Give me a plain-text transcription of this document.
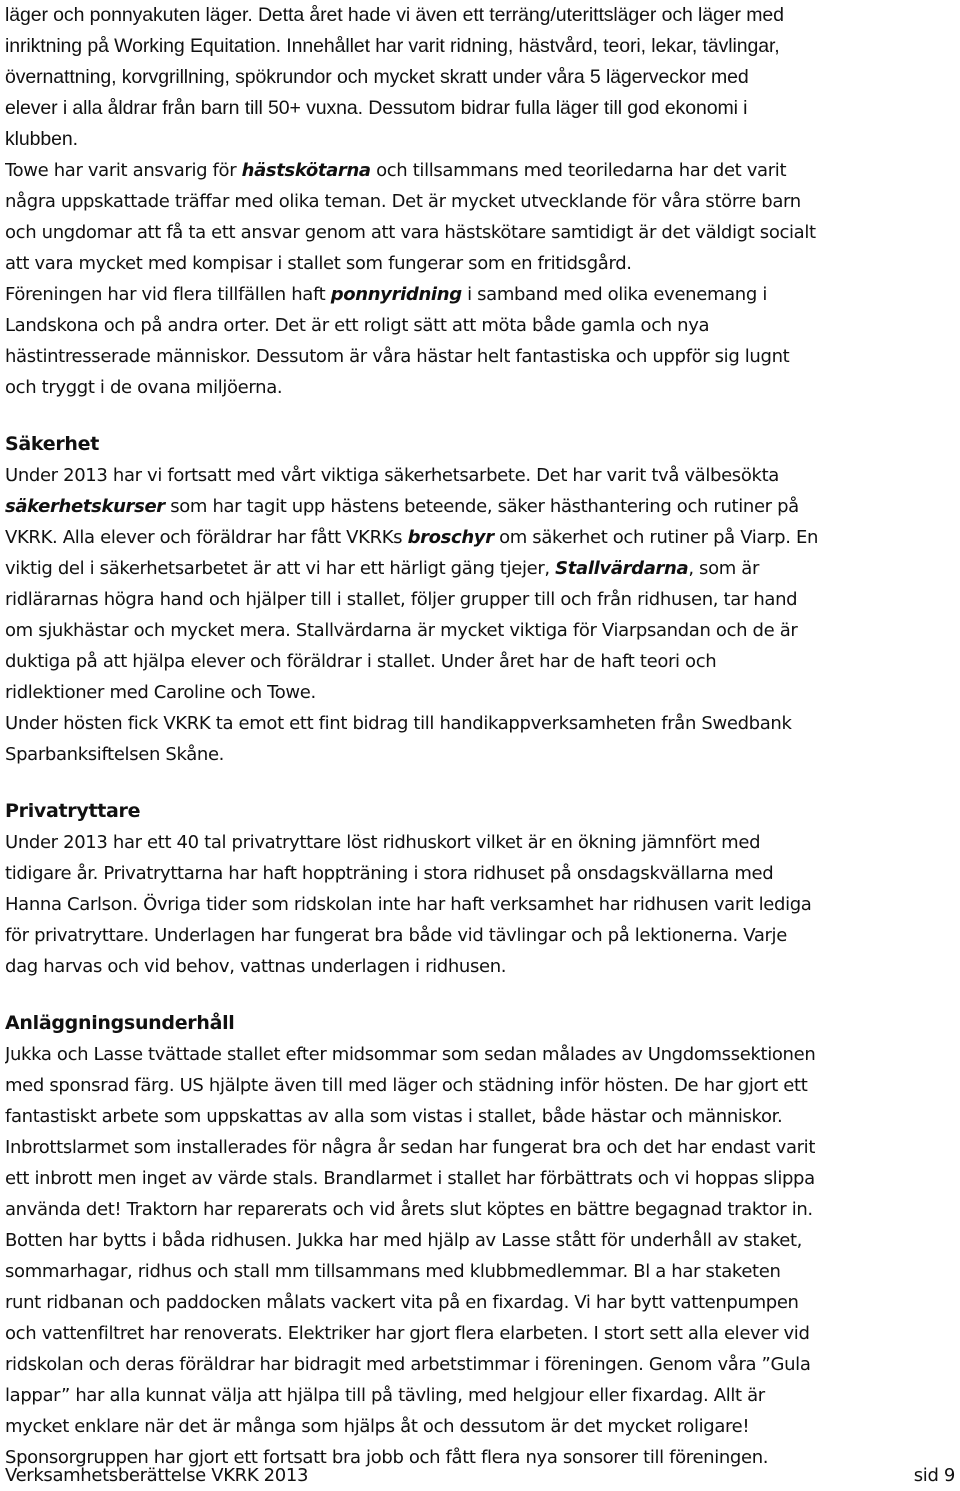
läger och ponnyakuten läger. Detta året hade vi även ett terräng/uterittsläger och läger med
inriktning på Working Equitation. Innehållet har varit ridning, hästvård, teori, lekar, tävlingar,
övernattning, korvgrillning, spökrundor och mycket skratt under våra 5 lägerveckor med
elever i alla åldrar från barn till 50+ vuxna. Dessutom bidrar fulla läger till god ekonomi i
klubben.
Towe har varit ansvarig för hästskötarna och tillsammans med teoriledarna har det varit
några uppskattade träffar med olika teman. Det är mycket utvecklande för våra större barn
och ungdomar att få ta ett ansvar genom att vara hästskötare samtidigt är det väldigt socialt
att vara mycket med kompisar i stallet som fungerar som en fritidsgård.
Föreningen har vid flera tillfällen haft ponnyridning i samband med olika evenemang i
Landskona och på andra orter. Det är ett roligt sätt att möta både gamla och nya
hästintresserade människor. Dessutom är våra hästar helt fantastiska och uppför sig lugnt
och tryggt i de ovana miljöerna.
Säkerhet
Under 2013 har vi fortsatt med vårt viktiga säkerhetsarbete. Det har varit två välbesökta
säkerhetskurser som har tagit upp hästens beteende, säker hästhantering och rutiner på
VKRK. Alla elever och föräldrar har fått VKRKs broschyr om säkerhet och rutiner på Viarp. En
viktig del i säkerhetsarbetet är att vi har ett härligt gäng tjejer, Stallvärdarna, som är
ridlärarnas högra hand och hjälper till i stallet, följer grupper till och från ridhusen, tar hand
om sjukhästar och mycket mera. Stallvärdarna är mycket viktiga för Viarpsandan och de är
duktiga på att hjälpa elever och föräldrar i stallet. Under året har de haft teori och
ridlektioner med Caroline och Towe.
Under hösten fick VKRK ta emot ett fint bidrag till handikappverksamheten från Swedbank
Sparbanksiftelsen Skåne.
Privatryttare
Under 2013 har ett 40 tal privatryttare löst ridhuskort vilket är en ökning jämnfört med
tidigare år. Privatryttarna har haft hoppträning i stora ridhuset på onsdagskvällarna med
Hanna Carlson. Övriga tider som ridskolan inte har haft verksamhet har ridhusen varit lediga
för privatryttare. Underlagen har fungerat bra både vid tävlingar och på lektionerna. Varje
dag harvas och vid behov, vattnas underlagen i ridhusen.
Anläggningsunderhåll
Jukka och Lasse tvättade stallet efter midsommar som sedan målades av Ungdomssektionen
med sponsrad färg. US hjälpte även till med läger och städning inför hösten. De har gjort ett
fantastiskt arbete som uppskattas av alla som vistas i stallet, både hästar och människor.
Inbrottslarmet som installerades för några år sedan har fungerat bra och det har endast varit
ett inbrott men inget av värde stals. Brandlarmet i stallet har förbättrats och vi hoppas slippa
använda det! Traktorn har reparerats och vid årets slut köptes en bättre begagnad traktor in.
Botten har bytts i båda ridhusen. Jukka har med hjälp av Lasse stått för underhåll av staket,
sommarhagar, ridhus och stall mm tillsammans med klubbmedlemmar. Bl a har staketen
runt ridbanan och paddocken målats vackert vita på en fixardag. Vi har bytt vattenpumpen
och vattenfiltret har renoverats. Elektriker har gjort flera elarbeten. I stort sett alla elever vid
ridskolan och deras föräldrar har bidragit med arbetstimmar i föreningen. Genom våra ”Gula
lappar” har alla kunnat välja att hjälpa till på tävling, med helgjour eller fixardag. Allt är
mycket enklare när det är många som hjälps åt och dessutom är det mycket roligare!
Sponsorgruppen har gjort ett fortsatt bra jobb och fått flera nya sonsorer till föreningen.
Verksamhetsberättelse VKRK 2013	sid 9
